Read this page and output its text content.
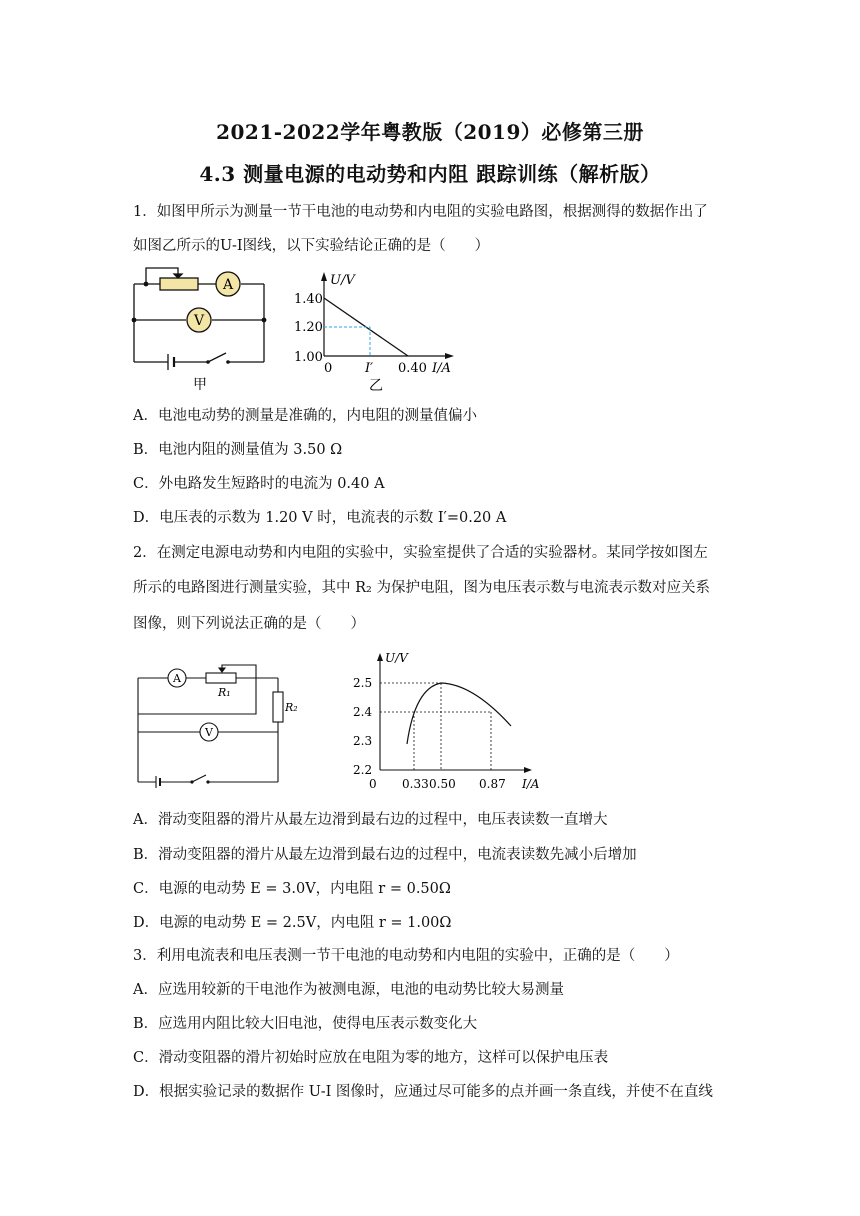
2021-2022学年粤教版（2019）必修第三册
4.3 测量电源的电动势和内阻 跟踪训练（解析版）
1．如图甲所示为测量一节干电池的电动势和内电阻的实验电路图，根据测得的数据作出了
如图乙所示的U-I图线，以下实验结论正确的是（　　）
A
V
甲
U/V
1.40
1.20
1.00
0	I′ 0.40 I/A
乙
A．电池电动势的测量是准确的，内电阻的测量值偏小
B．电池内阻的测量值为 3.50 Ω
C．外电路发生短路时的电流为 0.40 A
D．电压表的示数为 1.20 V 时，电流表的示数 I′=0.20 A
2．在测定电源电动势和内电阻的实验中，实验室提供了合适的实验器材。某同学按如图左
所示的电路图进行测量实验，其中 R₂ 为保护电阻，图为电压表示数与电流表示数对应关系
图像，则下列说法正确的是（　　）
A
V
R₁
R₂
U/V
2.5
2.4
2.3
2.2
0 0.33 0.50 0.87 I/A
A．滑动变阻器的滑片从最左边滑到最右边的过程中，电压表读数一直增大
B．滑动变阻器的滑片从最左边滑到最右边的过程中，电流表读数先减小后增加
C．电源的电动势 E = 3.0V，内电阻 r = 0.50Ω
D．电源的电动势 E = 2.5V，内电阻 r = 1.00Ω
3．利用电流表和电压表测一节干电池的电动势和内电阻的实验中，正确的是（　　）
A．应选用较新的干电池作为被测电源，电池的电动势比较大易测量
B．应选用内阻比较大旧电池，使得电压表示数变化大
C．滑动变阻器的滑片初始时应放在电阻为零的地方，这样可以保护电压表
D．根据实验记录的数据作 U-I 图像时，应通过尽可能多的点并画一条直线，并使不在直线
